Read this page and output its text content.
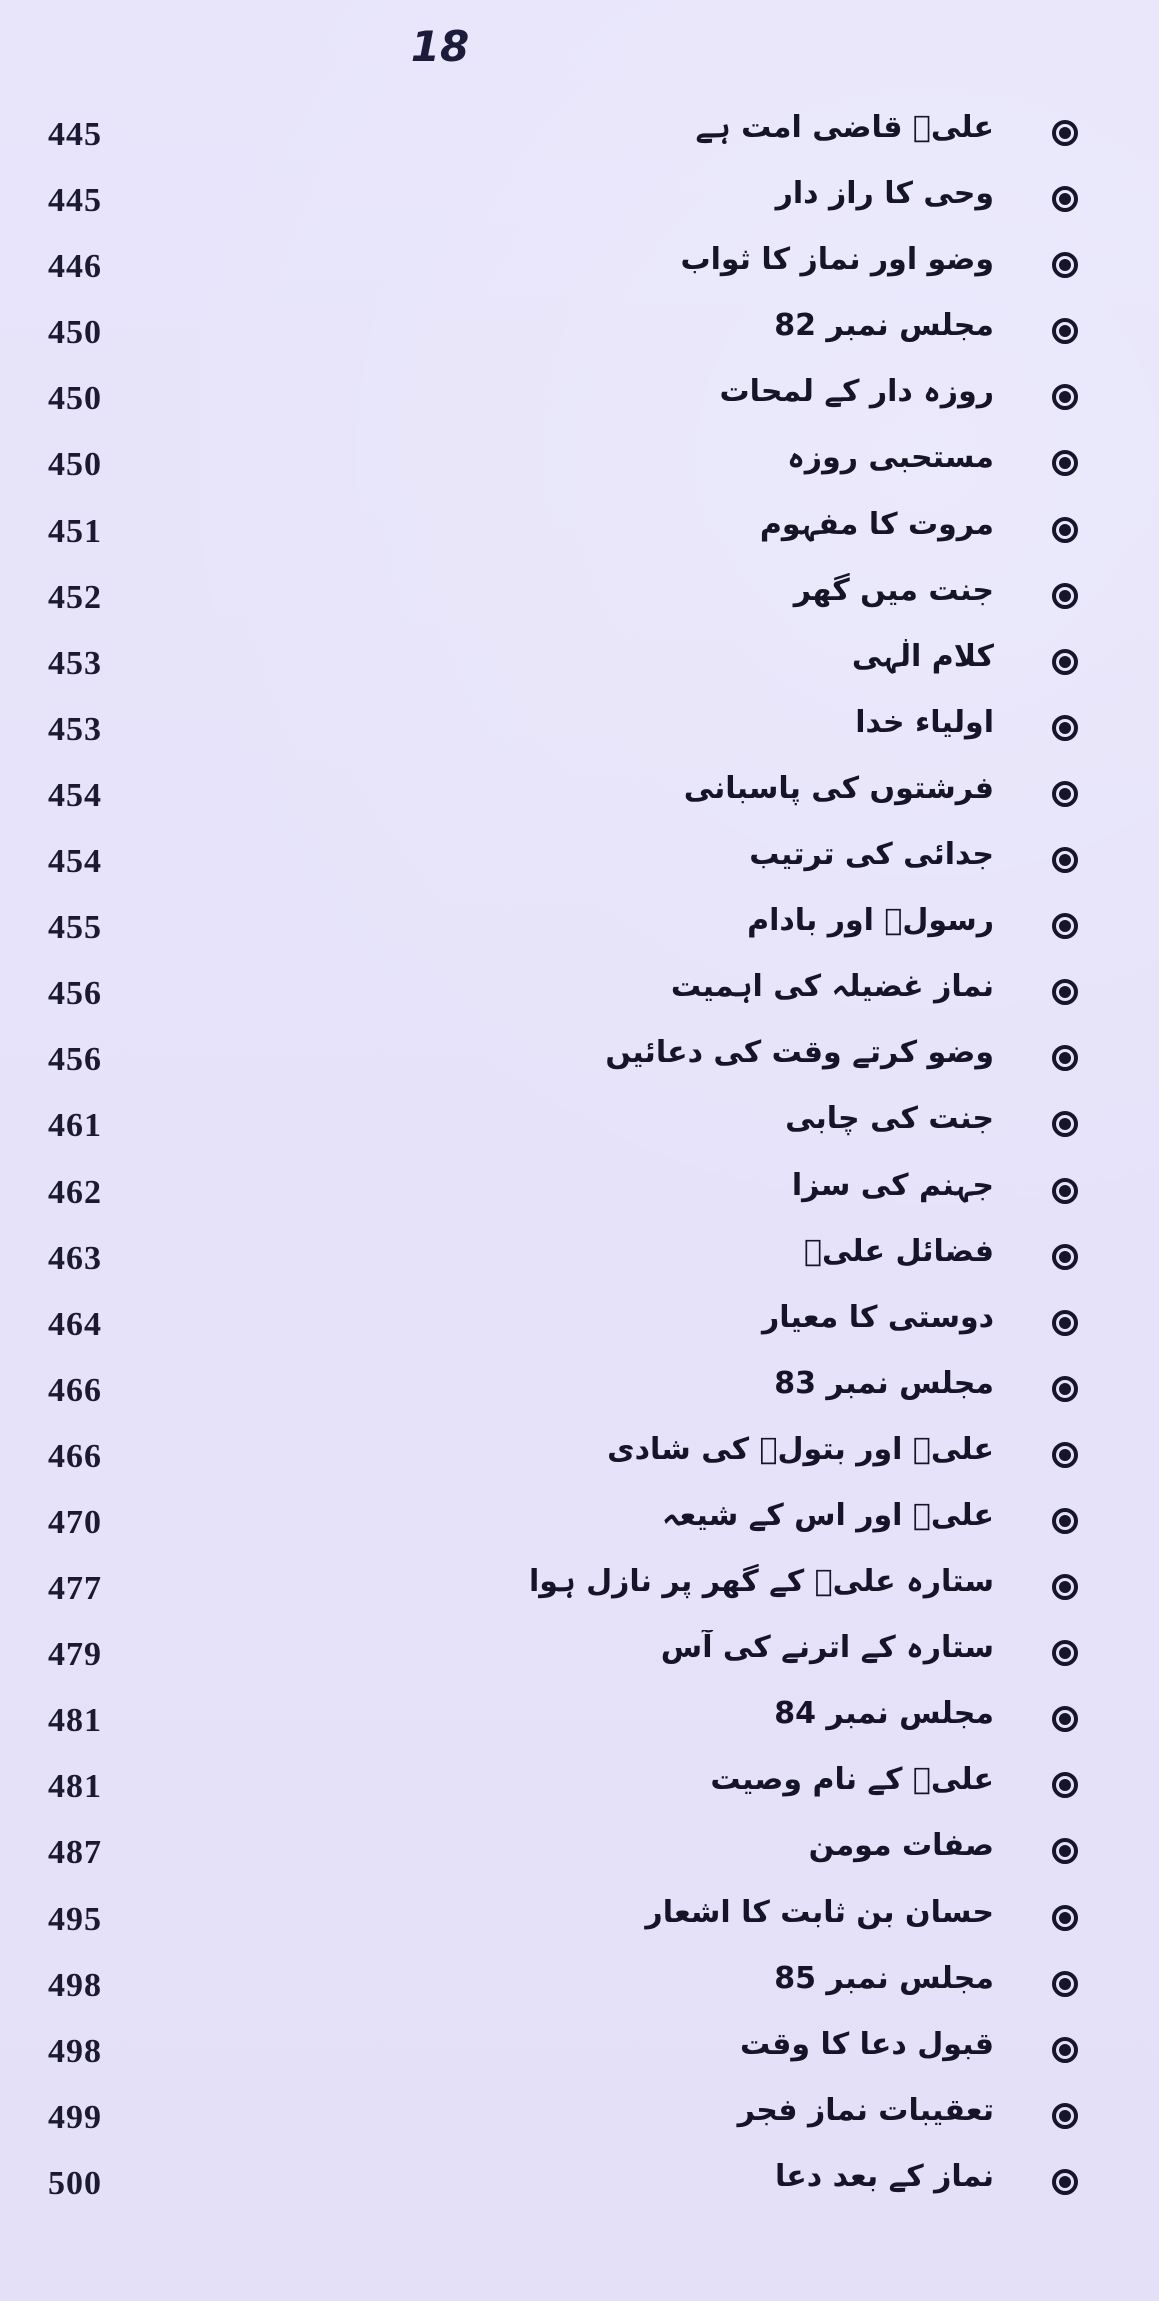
18
445	علیؑ قاضی امت ہے
445	وحی کا راز دار
446	وضو اور نماز کا ثواب
450	مجلس نمبر 82
450	روزہ دار کے لمحات
450	مستحبی روزہ
451	مروت کا مفہوم
452	جنت میں گھر
453	کلام الٰہی
453	اولیاء خدا
454	فرشتوں کی پاسبانی
454	جدائی کی ترتیب
455	رسولؐ اور بادام
456	نماز غضیلہ کی اہمیت
456	وضو کرتے وقت کی دعائیں
461	جنت کی چابی
462	جہنم کی سزا
463	فضائل علیؑ
464	دوستی کا معیار
466	مجلس نمبر 83
466	علیؑ اور بتولؑ کی شادی
470	علیؑ اور اس کے شیعہ
477	ستارہ علیؑ کے گھر پر نازل ہوا
479	ستارہ کے اترنے کی آس
481	مجلس نمبر 84
481	علیؑ کے نام وصیت
487	صفات مومن
495	حسان بن ثابت کا اشعار
498	مجلس نمبر 85
498	قبول دعا کا وقت
499	تعقیبات نماز فجر
500	نماز کے بعد دعا
